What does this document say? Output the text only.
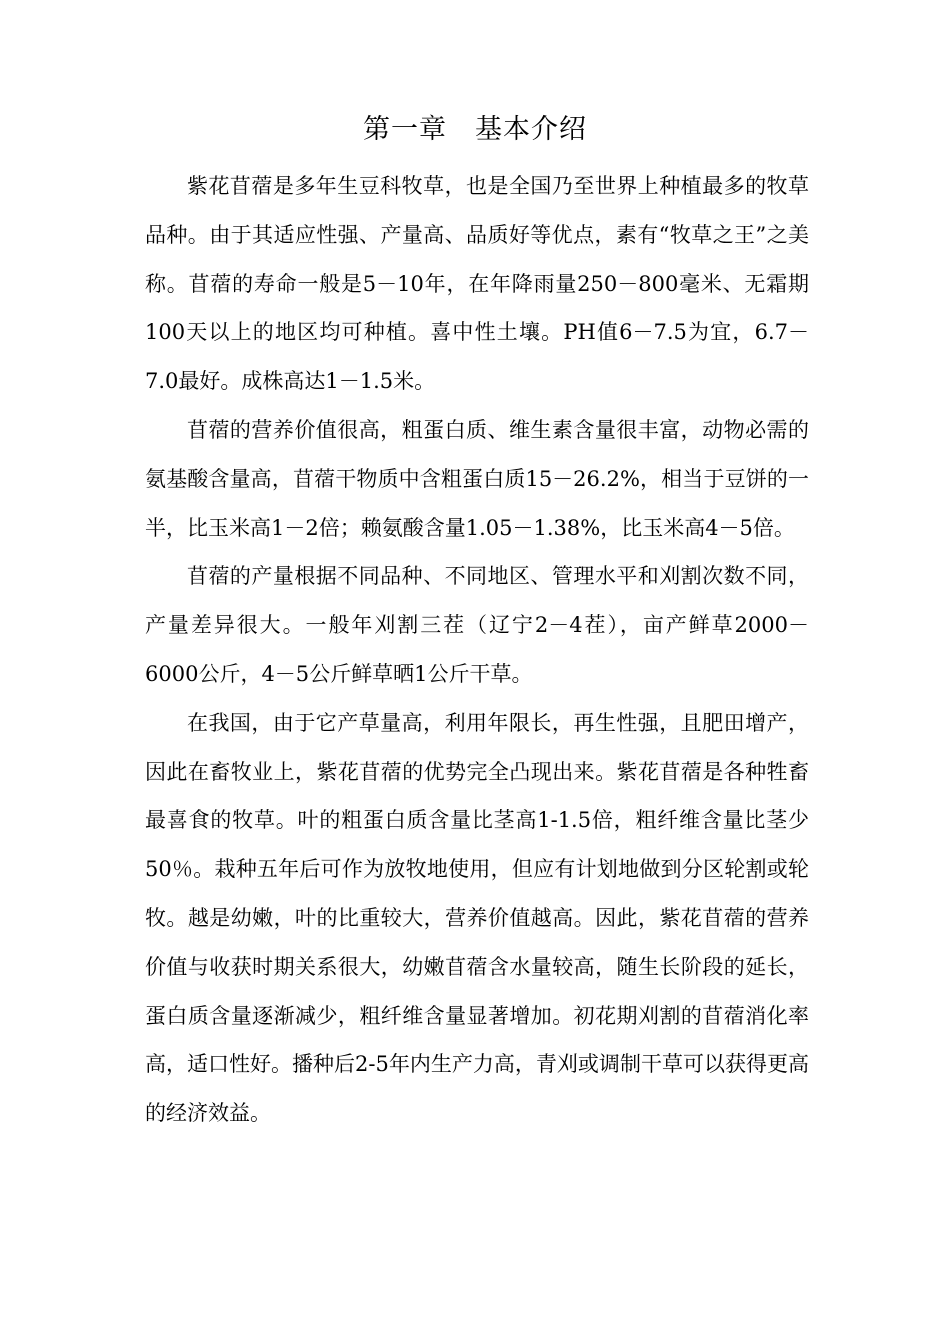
第一章　基本介绍

紫花苜蓿是多年生豆科牧草，也是全国乃至世界上种植最多的牧草品种。由于其适应性强、产量高、品质好等优点，素有“牧草之王”之美称。苜蓿的寿命一般是5－10年，在年降雨量250－800毫米、无霜期100天以上的地区均可种植。喜中性土壤。PH值6－7.5为宜，6.7－7.0最好。成株高达1－1.5米。

苜蓿的营养价值很高，粗蛋白质、维生素含量很丰富，动物必需的氨基酸含量高，苜蓿干物质中含粗蛋白质15－26.2%，相当于豆饼的一半，比玉米高1－2倍；赖氨酸含量1.05－1.38%，比玉米高4－5倍。

苜蓿的产量根据不同品种、不同地区、管理水平和刈割次数不同，产量差异很大。一般年刈割三茬（辽宁2－4茬），亩产鲜草2000－6000公斤，4－5公斤鲜草晒1公斤干草。

在我国，由于它产草量高，利用年限长，再生性强，且肥田增产，因此在畜牧业上，紫花苜蓿的优势完全凸现出来。紫花苜蓿是各种牲畜最喜食的牧草。叶的粗蛋白质含量比茎高1-1.5倍，粗纤维含量比茎少50％。栽种五年后可作为放牧地使用，但应有计划地做到分区轮割或轮牧。越是幼嫩，叶的比重较大，营养价值越高。因此，紫花苜蓿的营养价值与收获时期关系很大，幼嫩苜蓿含水量较高，随生长阶段的延长，蛋白质含量逐渐减少，粗纤维含量显著增加。初花期刈割的苜蓿消化率高，适口性好。播种后2-5年内生产力高，青刈或调制干草可以获得更高的经济效益。
